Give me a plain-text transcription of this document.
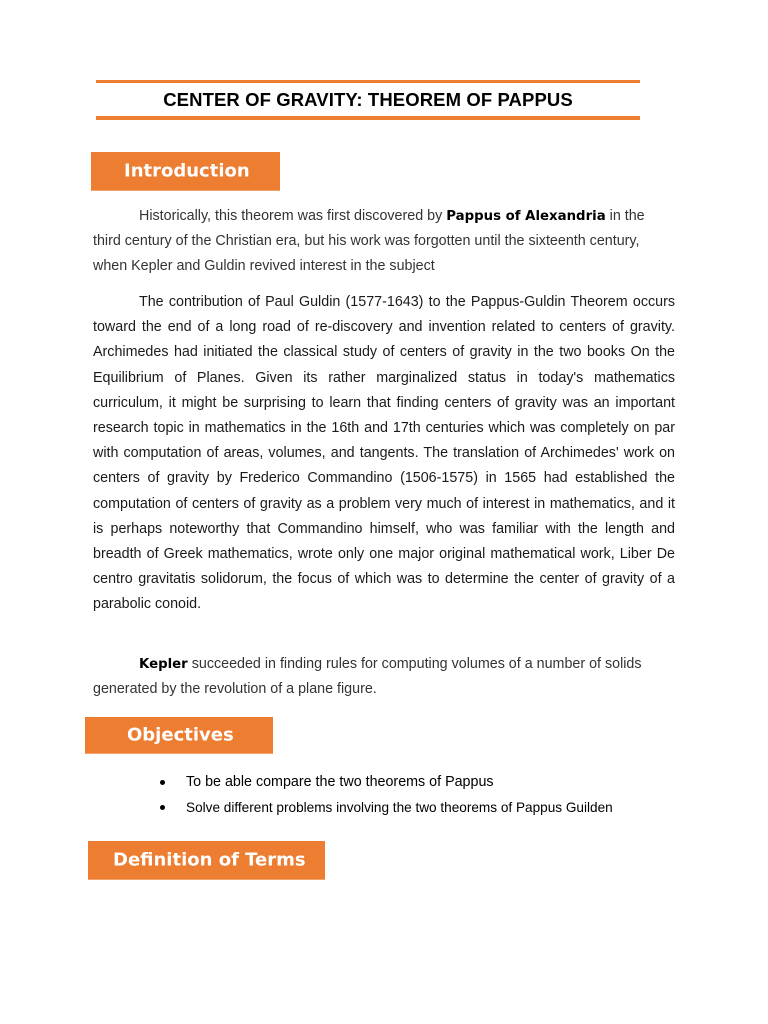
CENTER OF GRAVITY: THEOREM OF PAPPUS
Introduction
Historically, this theorem was first discovered by Pappus of Alexandria in the third century of the Christian era, but his work was forgotten until the sixteenth century, when Kepler and Guldin revived interest in the subject
The contribution of Paul Guldin (1577-1643) to the Pappus-Guldin Theorem occurs toward the end of a long road of re-discovery and invention related to centers of gravity. Archimedes had initiated the classical study of centers of gravity in the two books On the Equilibrium of Planes. Given its rather marginalized status in today's mathematics curriculum, it might be surprising to learn that finding centers of gravity was an important research topic in mathematics in the 16th and 17th centuries which was completely on par with computation of areas, volumes, and tangents. The translation of Archimedes' work on centers of gravity by Frederico Commandino (1506-1575) in 1565 had established the computation of centers of gravity as a problem very much of interest in mathematics, and it is perhaps noteworthy that Commandino himself, who was familiar with the length and breadth of Greek mathematics, wrote only one major original mathematical work, Liber De centro gravitatis solidorum, the focus of which was to determine the center of gravity of a parabolic conoid.
Kepler succeeded in finding rules for computing volumes of a number of solids generated by the revolution of a plane figure.
Objectives
To be able compare the two theorems of Pappus
Solve different problems involving the two theorems of Pappus Guilden
Definition of Terms
